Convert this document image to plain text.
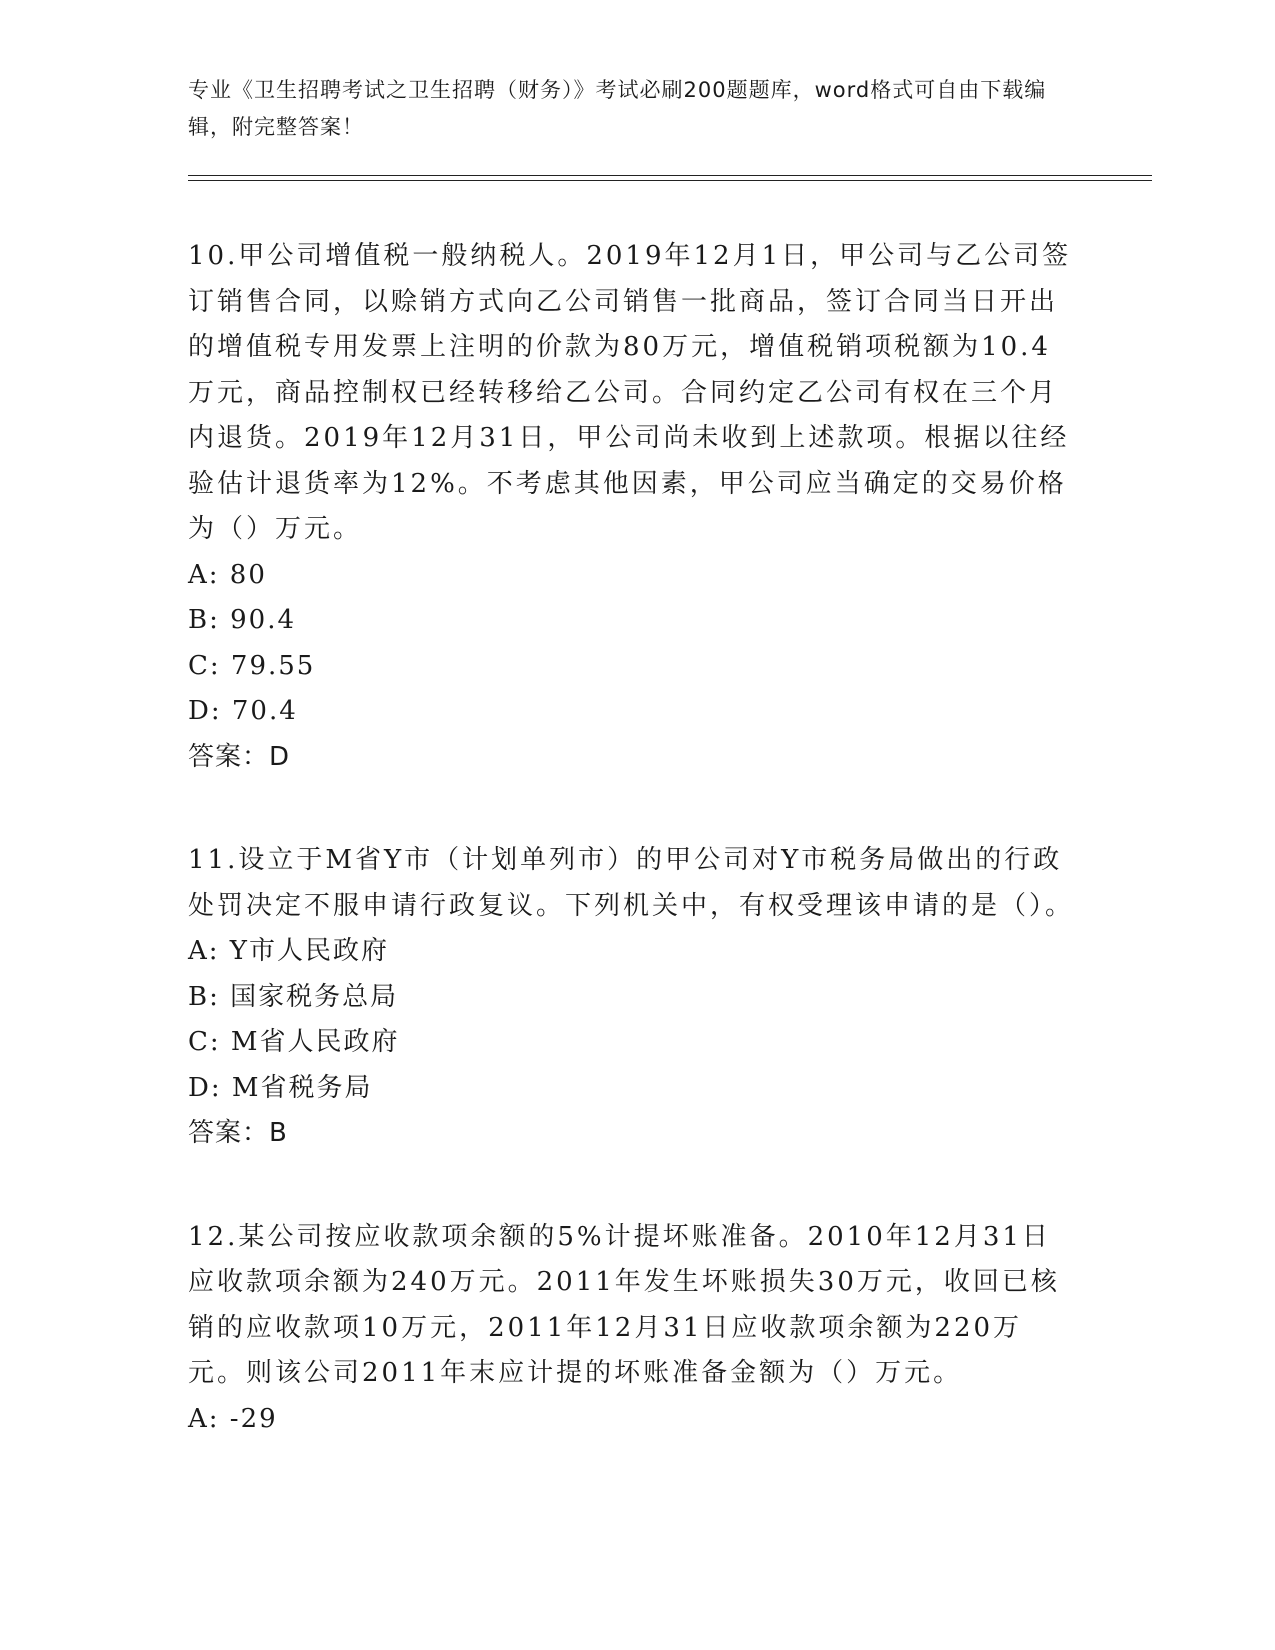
专业《卫生招聘考试之卫生招聘（财务）》考试必刷200题题库，word格式可自由下载编辑，附完整答案！

10.甲公司增值税一般纳税人。2019年12月1日，甲公司与乙公司签订销售合同，以赊销方式向乙公司销售一批商品，签订合同当日开出的增值税专用发票上注明的价款为80万元，增值税销项税额为10.4万元，商品控制权已经转移给乙公司。合同约定乙公司有权在三个月内退货。2019年12月31日，甲公司尚未收到上述款项。根据以往经验估计退货率为12%。不考虑其他因素，甲公司应当确定的交易价格为（）万元。

A: 80

B: 90.4

C: 79.55

D: 70.4

答案：D

11.设立于M省Y市（计划单列市）的甲公司对Y市税务局做出的行政处罚决定不服申请行政复议。下列机关中，有权受理该申请的是（）。

A: Y市人民政府

B: 国家税务总局

C: M省人民政府

D: M省税务局

答案：B

12.某公司按应收款项余额的5%计提坏账准备。2010年12月31日应收款项余额为240万元。2011年发生坏账损失30万元，收回已核销的应收款项10万元，2011年12月31日应收款项余额为220万元。则该公司2011年末应计提的坏账准备金额为（）万元。

A: -29
